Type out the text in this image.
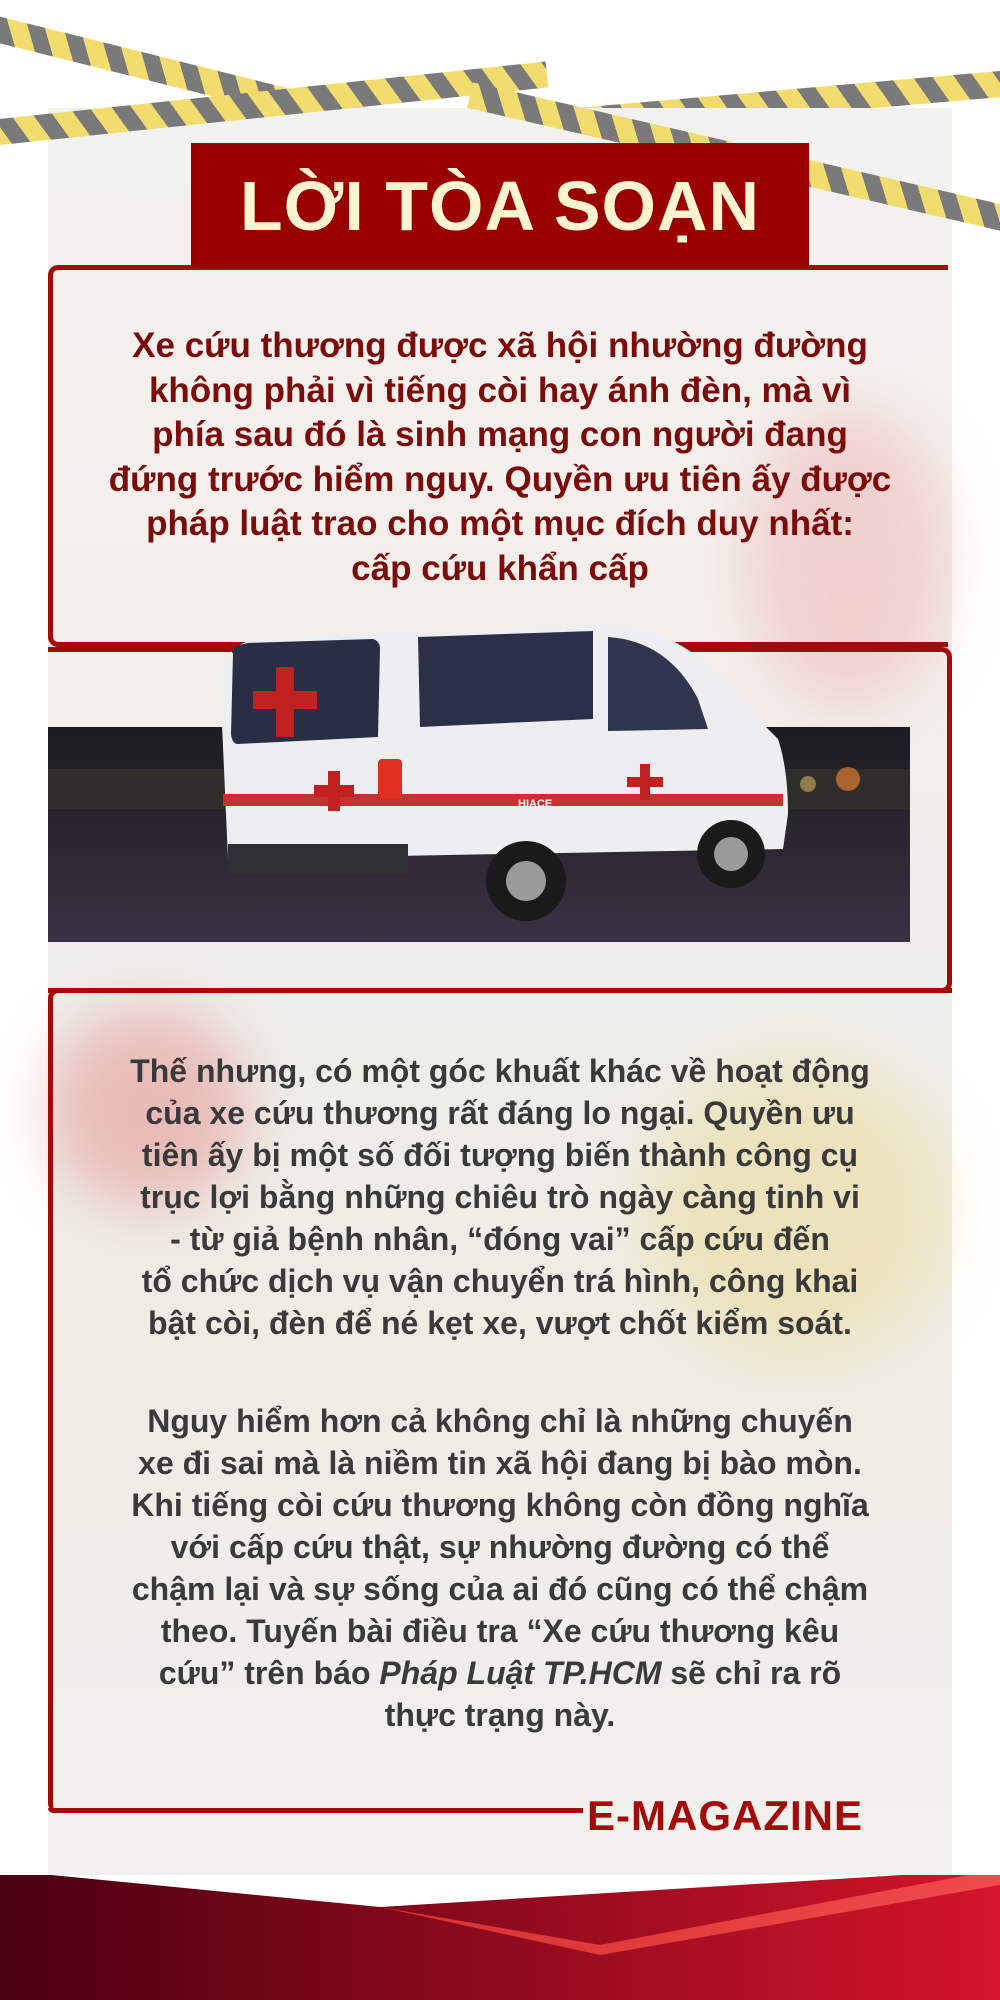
LỜI TÒA SOẠN
Xe cứu thương được xã hội nhường đường
không phải vì tiếng còi hay ánh đèn, mà vì
phía sau đó là sinh mạng con người đang
đứng trước hiểm nguy. Quyền ưu tiên ấy được
pháp luật trao cho một mục đích duy nhất:
cấp cứu khẩn cấp
HIACE
Thế nhưng, có một góc khuất khác về hoạt động
của xe cứu thương rất đáng lo ngại. Quyền ưu
tiên ấy bị một số đối tượng biến thành công cụ
trục lợi bằng những chiêu trò ngày càng tinh vi
- từ giả bệnh nhân, “đóng vai” cấp cứu đến
tổ chức dịch vụ vận chuyển trá hình, công khai
bật còi, đèn để né kẹt xe, vượt chốt kiểm soát.
Nguy hiểm hơn cả không chỉ là những chuyến
xe đi sai mà là niềm tin xã hội đang bị bào mòn.
Khi tiếng còi cứu thương không còn đồng nghĩa
với cấp cứu thật, sự nhường đường có thể
chậm lại và sự sống của ai đó cũng có thể chậm
theo. Tuyến bài điều tra “Xe cứu thương kêu
cứu” trên báo Pháp Luật TP.HCM sẽ chỉ ra rõ
thực trạng này.
E-MAGAZINE
